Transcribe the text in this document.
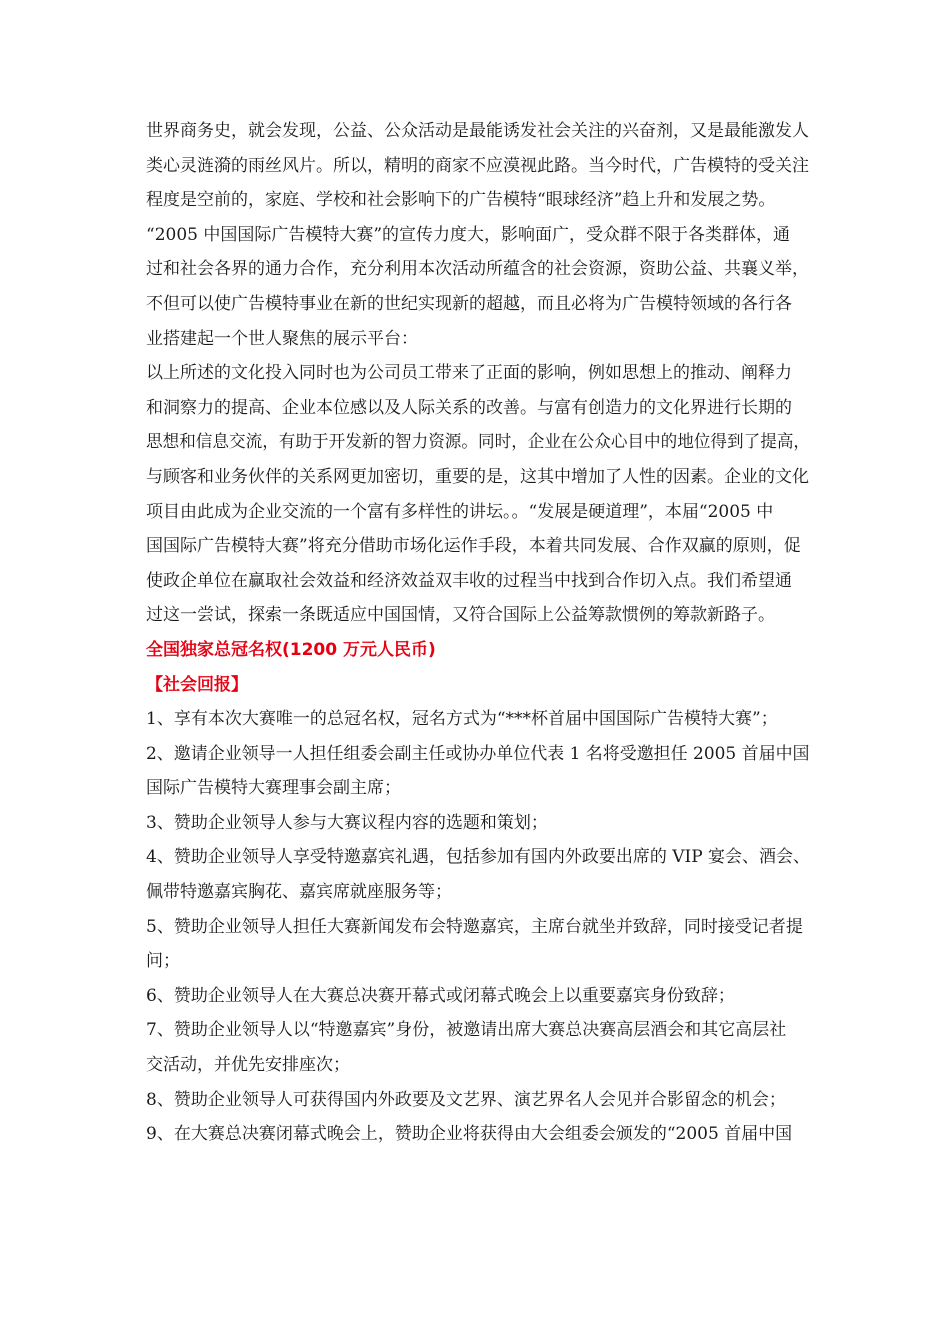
世界商务史，就会发现，公益、公众活动是最能诱发社会关注的兴奋剂，又是最能激发人
类心灵涟漪的雨丝风片。所以，精明的商家不应漠视此路。当今时代，广告模特的受关注
程度是空前的，家庭、学校和社会影响下的广告模特“眼球经济”趋上升和发展之势。
“2005 中国国际广告模特大赛”的宣传力度大，影响面广，受众群不限于各类群体，通
过和社会各界的通力合作，充分利用本次活动所蕴含的社会资源，资助公益、共襄义举，
不但可以使广告模特事业在新的世纪实现新的超越，而且必将为广告模特领域的各行各
业搭建起一个世人聚焦的展示平台：
以上所述的文化投入同时也为公司员工带来了正面的影响，例如思想上的推动、阐释力
和洞察力的提高、企业本位感以及人际关系的改善。与富有创造力的文化界进行长期的
思想和信息交流，有助于开发新的智力资源。同时，企业在公众心目中的地位得到了提高，
与顾客和业务伙伴的关系网更加密切，重要的是，这其中增加了人性的因素。企业的文化
项目由此成为企业交流的一个富有多样性的讲坛。。“发展是硬道理”，本届“2005 中
国国际广告模特大赛”将充分借助市场化运作手段，本着共同发展、合作双赢的原则，促
使政企单位在赢取社会效益和经济效益双丰收的过程当中找到合作切入点。我们希望通
过这一尝试，探索一条既适应中国国情，又符合国际上公益筹款惯例的筹款新路子。
全国独家总冠名权(1200 万元人民币)
【社会回报】
1、享有本次大赛唯一的总冠名权，冠名方式为“***杯首届中国国际广告模特大赛”；
2、邀请企业领导一人担任组委会副主任或协办单位代表 1 名将受邀担任 2005 首届中国
国际广告模特大赛理事会副主席；
3、赞助企业领导人参与大赛议程内容的选题和策划；
4、赞助企业领导人享受特邀嘉宾礼遇，包括参加有国内外政要出席的 VIP 宴会、酒会、
佩带特邀嘉宾胸花、嘉宾席就座服务等；
5、赞助企业领导人担任大赛新闻发布会特邀嘉宾，主席台就坐并致辞，同时接受记者提
问；
6、赞助企业领导人在大赛总决赛开幕式或闭幕式晚会上以重要嘉宾身份致辞；
7、赞助企业领导人以“特邀嘉宾”身份，被邀请出席大赛总决赛高层酒会和其它高层社
交活动，并优先安排座次；
8、赞助企业领导人可获得国内外政要及文艺界、演艺界名人会见并合影留念的机会；
9、在大赛总决赛闭幕式晚会上，赞助企业将获得由大会组委会颁发的“2005 首届中国
